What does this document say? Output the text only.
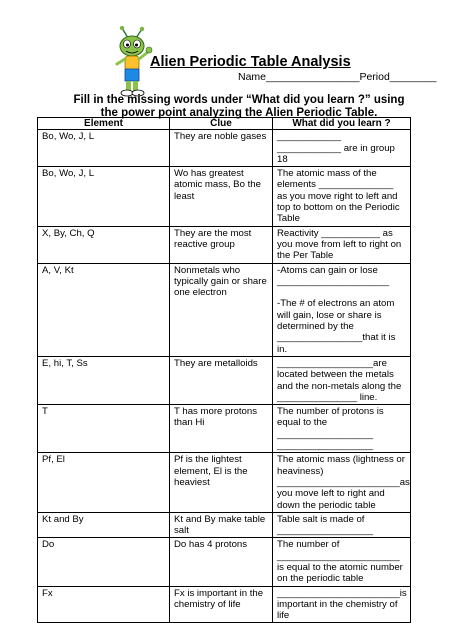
Alien Periodic Table Analysis
Name________________Period________
Fill in the missing words under “What did you learn ?” using the power point analyzing the Alien Periodic Table.
Element	Clue	What did you learn ?
Bo, Wo, J, L	They are noble gases	____________ ____________ are in group 18
Bo, Wo, J, L	Wo has greatest atomic mass, Bo the least	The atomic mass of the elements ______________ as you move right to left and top to bottom on the Periodic Table
X, By, Ch, Q	They are the most reactive group	Reactivity ___________ as you move from left to right on the Per Table
A, V, Kt	Nonmetals who typically gain or share one electron	-Atoms can gain or lose _____________________

-The # of electrons an atom will gain, lose or share is determined by the ________________that it is in.
E, hi, T, Ss	They are metalloids	__________________are located between the metals and the non-metals along the _______________ line.
T	T has more protons than Hi	The number of protons is equal to the __________________ __________________
Pf, El	Pf is the lightest element, El is the heaviest	The atomic mass (lightness or heaviness) _______________________as you move left to right and down the periodic table
Kt and By	Kt and By make table salt	Table salt is made of __________________
Do	Do has 4 protons	The number of _______________________ is equal to the atomic number on the periodic table
Fx	Fx is important in the chemistry of life	_______________________is important in the chemistry of life
